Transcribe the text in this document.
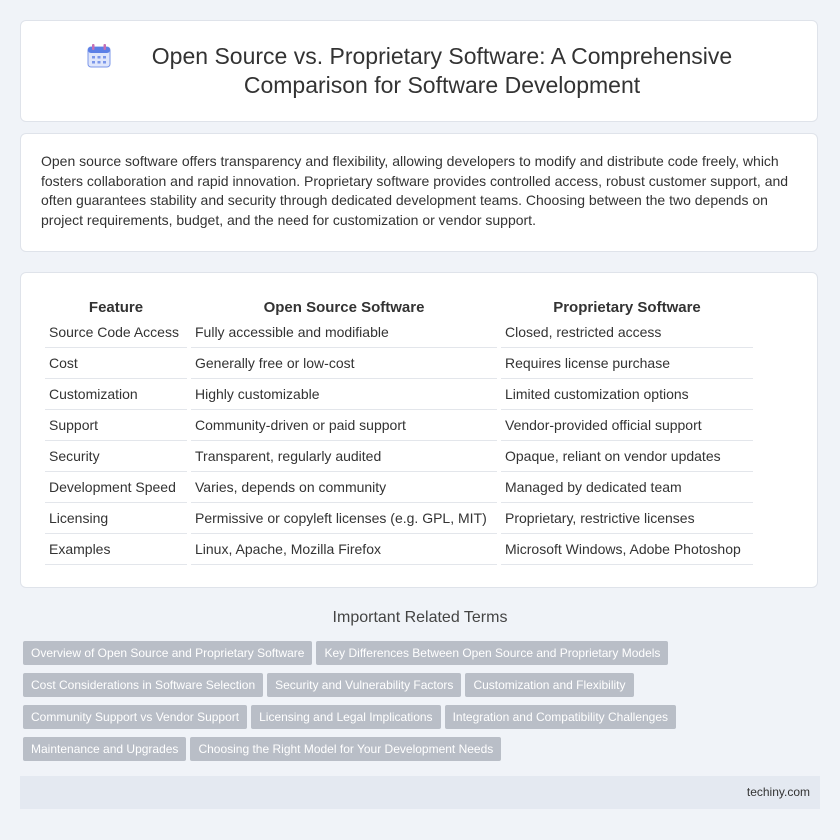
Open Source vs. Proprietary Software: A Comprehensive Comparison for Software Development

Open source software offers transparency and flexibility, allowing developers to modify and distribute code freely, which fosters collaboration and rapid innovation. Proprietary software provides controlled access, robust customer support, and often guarantees stability and security through dedicated development teams. Choosing between the two depends on project requirements, budget, and the need for customization or vendor support.

Feature	Open Source Software	Proprietary Software
Source Code Access	Fully accessible and modifiable	Closed, restricted access
Cost	Generally free or low-cost	Requires license purchase
Customization	Highly customizable	Limited customization options
Support	Community-driven or paid support	Vendor-provided official support
Security	Transparent, regularly audited	Opaque, reliant on vendor updates
Development Speed	Varies, depends on community	Managed by dedicated team
Licensing	Permissive or copyleft licenses (e.g. GPL, MIT)	Proprietary, restrictive licenses
Examples	Linux, Apache, Mozilla Firefox	Microsoft Windows, Adobe Photoshop
Important Related Terms
Overview of Open Source and Proprietary Software Key Differences Between Open Source and Proprietary ModelsCost Considerations in Software Selection Security and Vulnerability Factors Customization and FlexibilityCommunity Support vs Vendor Support Licensing and Legal Implications Integration and Compatibility ChallengesMaintenance and Upgrades Choosing the Right Model for Your Development Needs
techiny.com
